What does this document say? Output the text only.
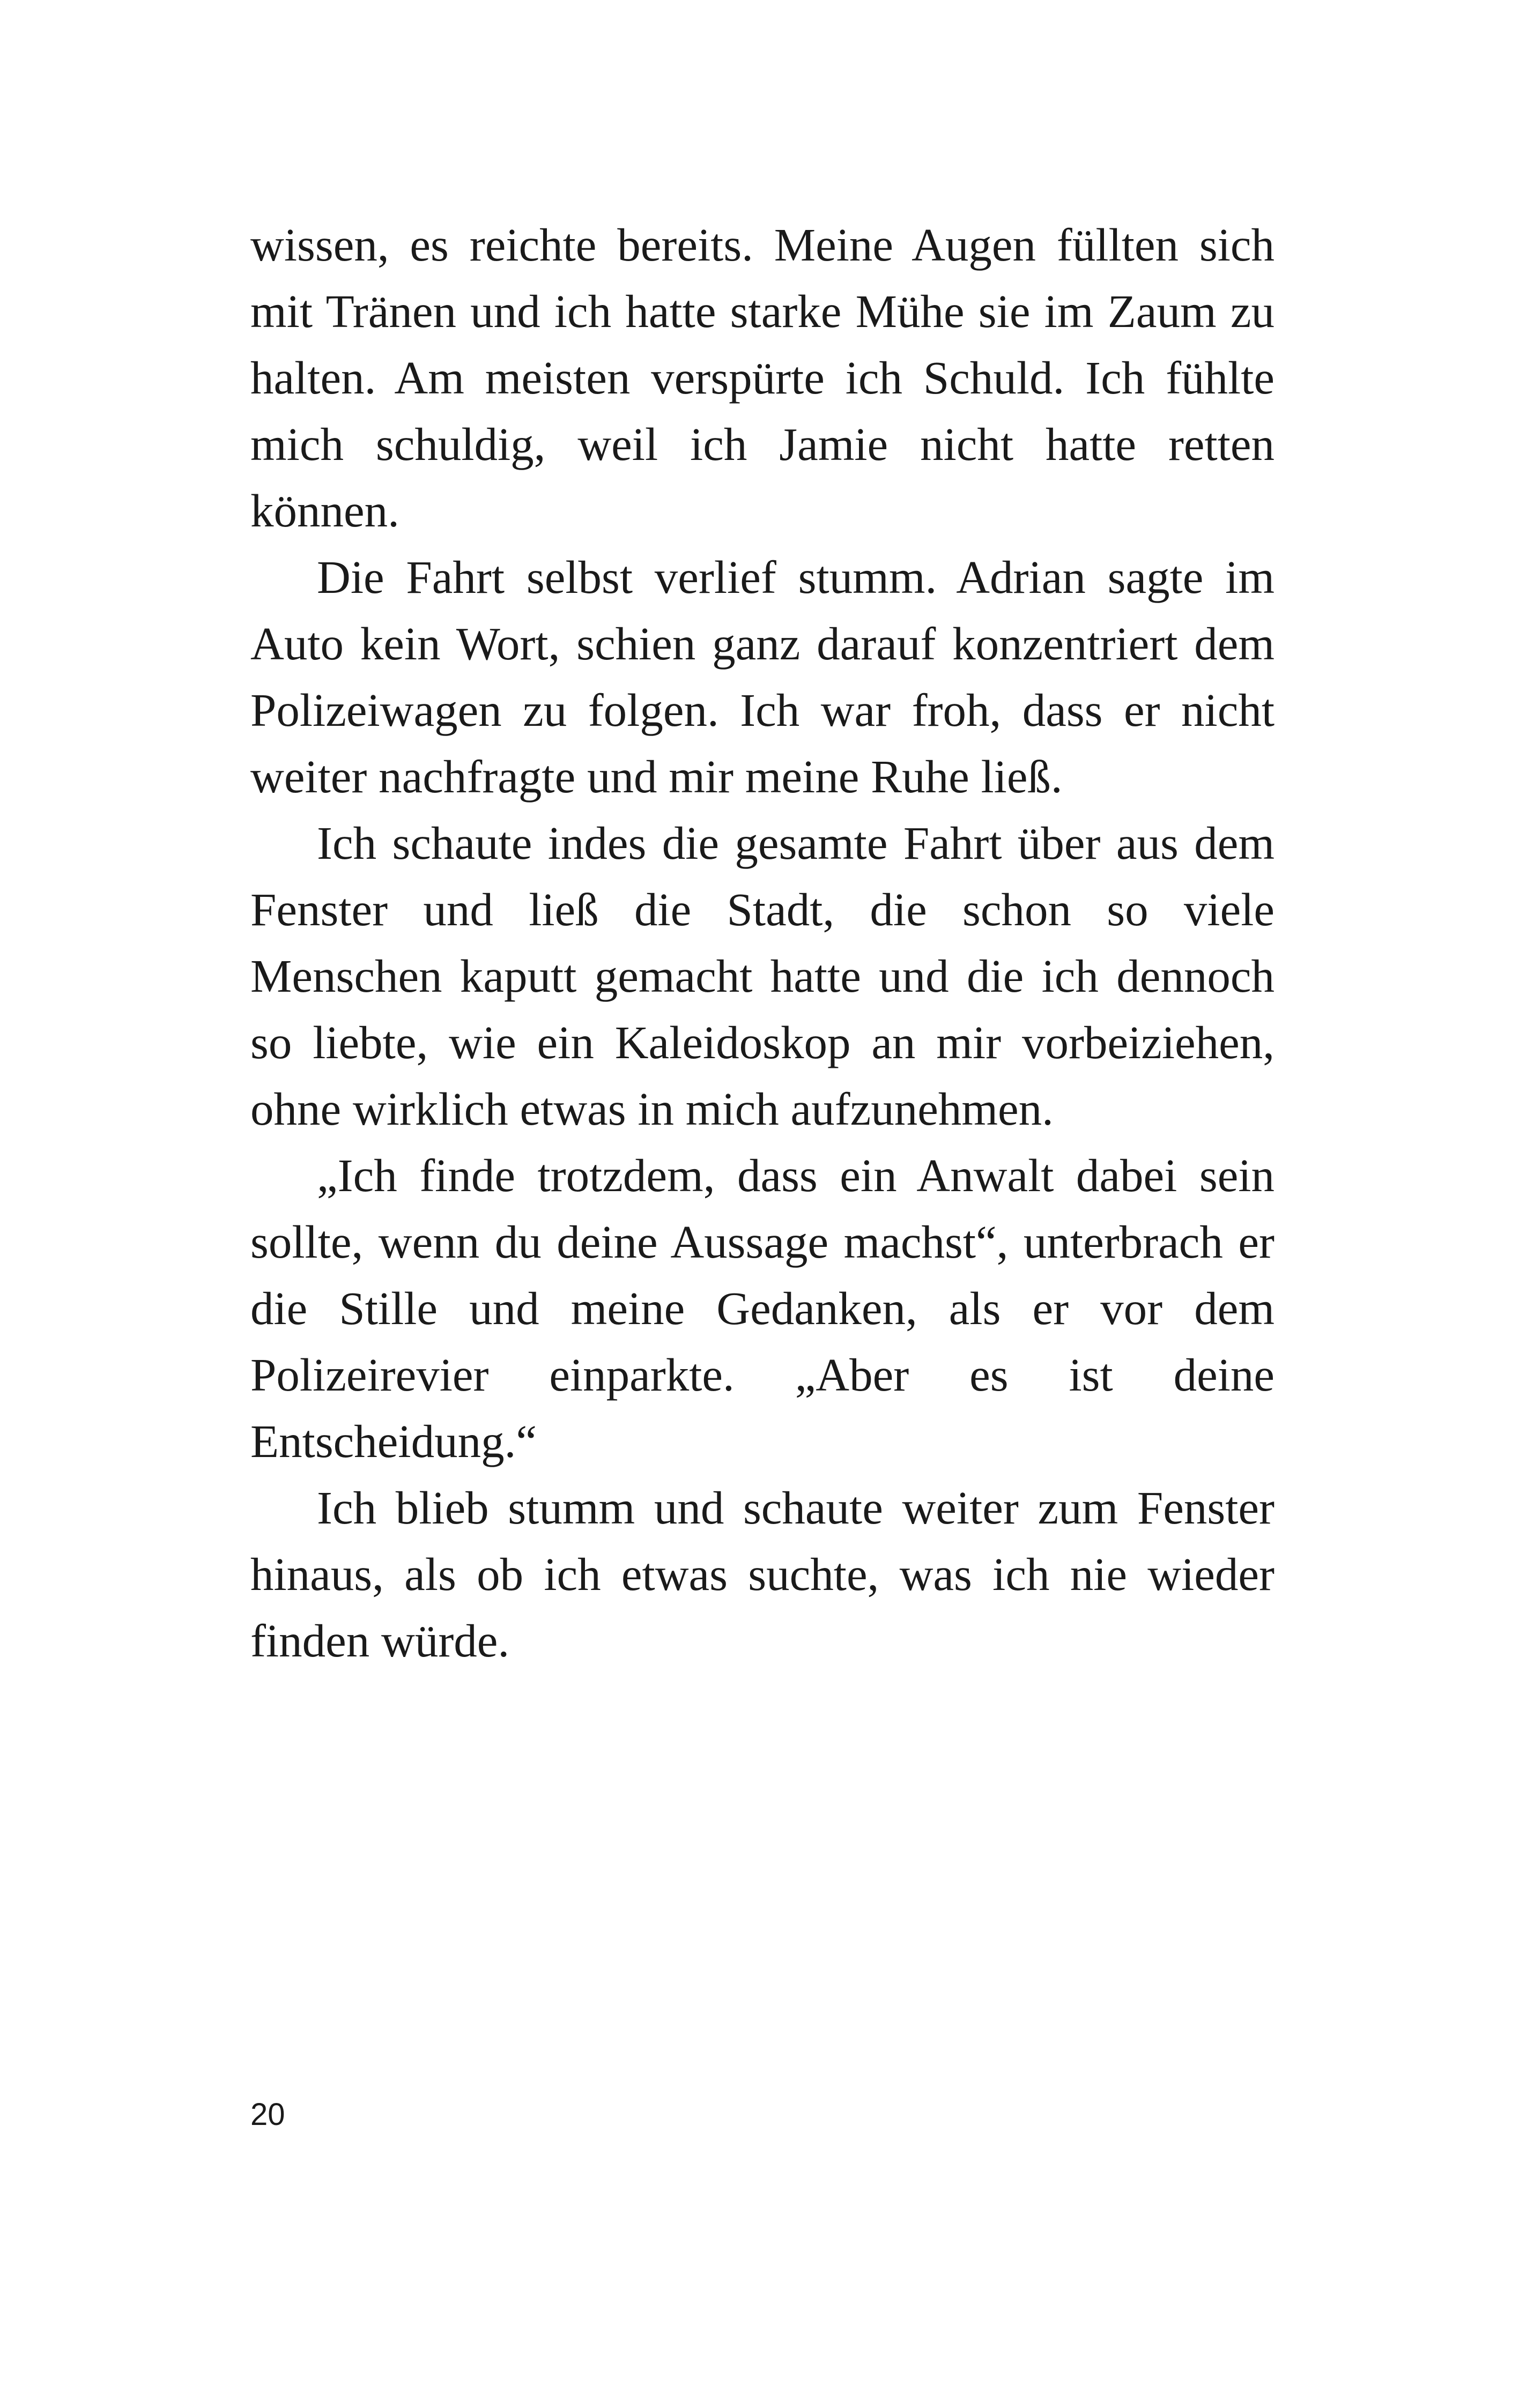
wissen, es reichte bereits. Meine Augen füllten sich mit Tränen und ich hatte starke Mühe sie im Zaum zu halten. Am meisten verspürte ich Schuld. Ich fühlte mich schuldig, weil ich Jamie nicht hatte retten können.

Die Fahrt selbst verlief stumm. Adrian sagte im Auto kein Wort, schien ganz darauf konzentriert dem Polizeiwagen zu folgen. Ich war froh, dass er nicht weiter nachfragte und mir meine Ruhe ließ.

Ich schaute indes die gesamte Fahrt über aus dem Fenster und ließ die Stadt, die schon so viele Menschen kaputt gemacht hatte und die ich dennoch so liebte, wie ein Kaleidoskop an mir vorbeiziehen, ohne wirklich etwas in mich aufzunehmen.

„Ich finde trotzdem, dass ein Anwalt dabei sein sollte, wenn du deine Aussage machst“, unterbrach er die Stille und meine Gedanken, als er vor dem Polizeirevier einparkte. „Aber es ist deine Entscheidung.“

Ich blieb stumm und schaute weiter zum Fenster hinaus, als ob ich etwas suchte, was ich nie wieder finden würde.

20
